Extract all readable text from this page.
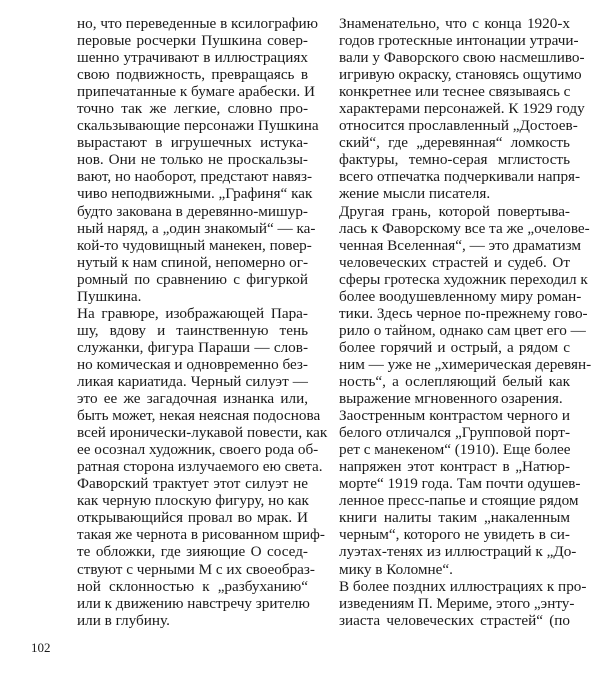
но, что переведенные в ксилографию
перовые росчерки Пушкина совер-
шенно утрачивают в иллюстрациях
свою подвижность, превращаясь в
припечатанные к бумаге арабески. И
точно так же легкие, словно про-
скальзывающие персонажи Пушкина
вырастают в игрушечных истука-
нов. Они не только не проскальзы-
вают, но наоборот, предстают навяз-
чиво неподвижными. „Графиня“ как
будто закована в деревянно-мишур-
ный наряд, а „один знакомый“ — ка-
кой-то чудовищный манекен, повер-
нутый к нам спиной, непомерно ог-
ромный по сравнению с фигуркой
Пушкина.
На гравюре, изображающей Пара-
шу, вдову и таинственную тень
служанки, фигура Параши — слов-
но комическая и одновременно без-
ликая кариатида. Черный силуэт —
это ее же загадочная изнанка или,
быть может, некая неясная подоснова
всей иронически-лукавой повести, как
ее осознал художник, своего рода об-
ратная сторона излучаемого ею света.
Фаворский трактует этот силуэт не
как черную плоскую фигуру, но как
открывающийся провал во мрак. И
такая же чернота в рисованном шриф-
те обложки, где зияющие О сосед-
ствуют с черными М с их своеобраз-
ной склонностью к „разбуханию“
или к движению навстречу зрителю
или в глубину.
Знаменательно, что с конца 1920-х
годов гротескные интонации утрачи-
вали у Фаворского свою насмешливо-
игривую окраску, становясь ощутимо
конкретнее или теснее связываясь с
характерами персонажей. К 1929 году
относится прославленный „Достоев-
ский“, где „деревянная“ ломкость
фактуры, темно-серая мглистость
всего отпечатка подчеркивали напря-
жение мысли писателя.
Другая грань, которой повертыва-
лась к Фаворскому все та же „очелове-
ченная Вселенная“, — это драматизм
человеческих страстей и судеб. От
сферы гротеска художник переходил к
более воодушевленному миру роман-
тики. Здесь черное по-прежнему гово-
рило о тайном, однако сам цвет его —
более горячий и острый, а рядом с
ним — уже не „химерическая деревян-
ность“, а ослепляющий белый как
выражение мгновенного озарения.
Заостренным контрастом черного и
белого отличался „Групповой порт-
рет с манекеном“ (1910). Еще более
напряжен этот контраст в „Натюр-
морте“ 1919 года. Там почти одушев-
ленное пресс-папье и стоящие рядом
книги налиты таким „накаленным
черным“, которого не увидеть в си-
луэтах-тенях из иллюстраций к „До-
мику в Коломне“.
В более поздних иллюстрациях к про-
изведениям П. Мериме, этого „энту-
зиаста человеческих страстей“ (по
102
